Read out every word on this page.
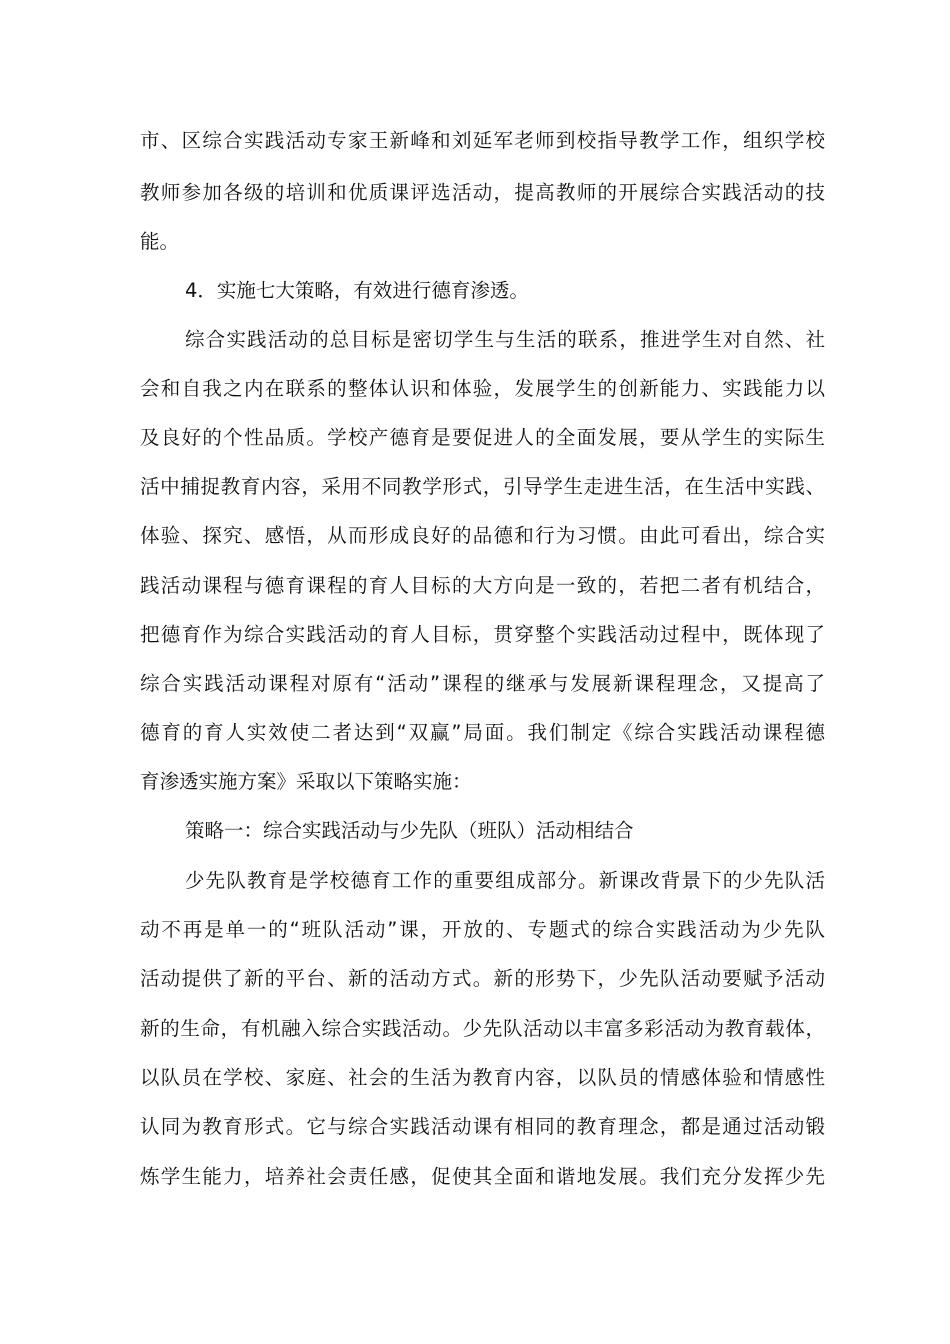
市、区综合实践活动专家王新峰和刘延军老师到校指导教学工作，组织学校
教师参加各级的培训和优质课评选活动，提高教师的开展综合实践活动的技
能。
4．实施七大策略，有效进行德育渗透。
综合实践活动的总目标是密切学生与生活的联系，推进学生对自然、社
会和自我之内在联系的整体认识和体验，发展学生的创新能力、实践能力以
及良好的个性品质。学校产德育是要促进人的全面发展，要从学生的实际生
活中捕捉教育内容，采用不同教学形式，引导学生走进生活，在生活中实践、
体验、探究、感悟，从而形成良好的品德和行为习惯。由此可看出，综合实
践活动课程与德育课程的育人目标的大方向是一致的，若把二者有机结合，
把德育作为综合实践活动的育人目标，贯穿整个实践活动过程中，既体现了
综合实践活动课程对原有“活动”课程的继承与发展新课程理念，又提高了
德育的育人实效使二者达到“双赢”局面。我们制定《综合实践活动课程德
育渗透实施方案》采取以下策略实施：
策略一：综合实践活动与少先队（班队）活动相结合
少先队教育是学校德育工作的重要组成部分。新课改背景下的少先队活
动不再是单一的“班队活动”课，开放的、专题式的综合实践活动为少先队
活动提供了新的平台、新的活动方式。新的形势下，少先队活动要赋予活动
新的生命，有机融入综合实践活动。少先队活动以丰富多彩活动为教育载体，
以队员在学校、家庭、社会的生活为教育内容，以队员的情感体验和情感性
认同为教育形式。它与综合实践活动课有相同的教育理念，都是通过活动锻
炼学生能力，培养社会责任感，促使其全面和谐地发展。我们充分发挥少先
